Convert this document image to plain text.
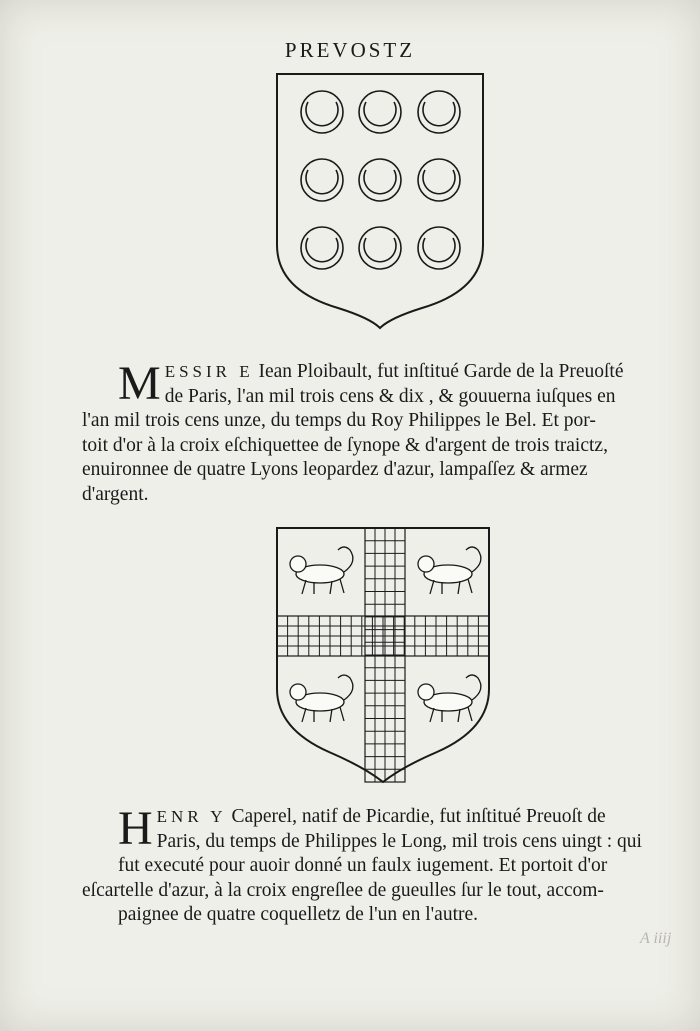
PREVOSTZ
M ESSIR E Iean Ploibault, fut inſtitué Garde de la Preuoſté
de Paris, l'an mil trois cens & dix , & gouuerna iuſques en
l'an mil trois cens unze, du temps du Roy Philippes le Bel. Et por-
toit d'or à la croix eſchiquettee de ſynope & d'argent de trois traictz,
enuironnee de quatre Lyons leopardez d'azur, lampaſſez & armez
d'argent.
H ENR Y Caperel, natif de Picardie, fut inſtitué Preuoſt de
Paris, du temps de Philippes le Long, mil trois cens uingt : qui
fut executé pour auoir donné un faulx iugement. Et portoit d'or
eſcartelle d'azur, à la croix engreſlee de gueulles ſur le tout, accom-
paignee de quatre coquelletz de l'un en l'autre.
A iiij
